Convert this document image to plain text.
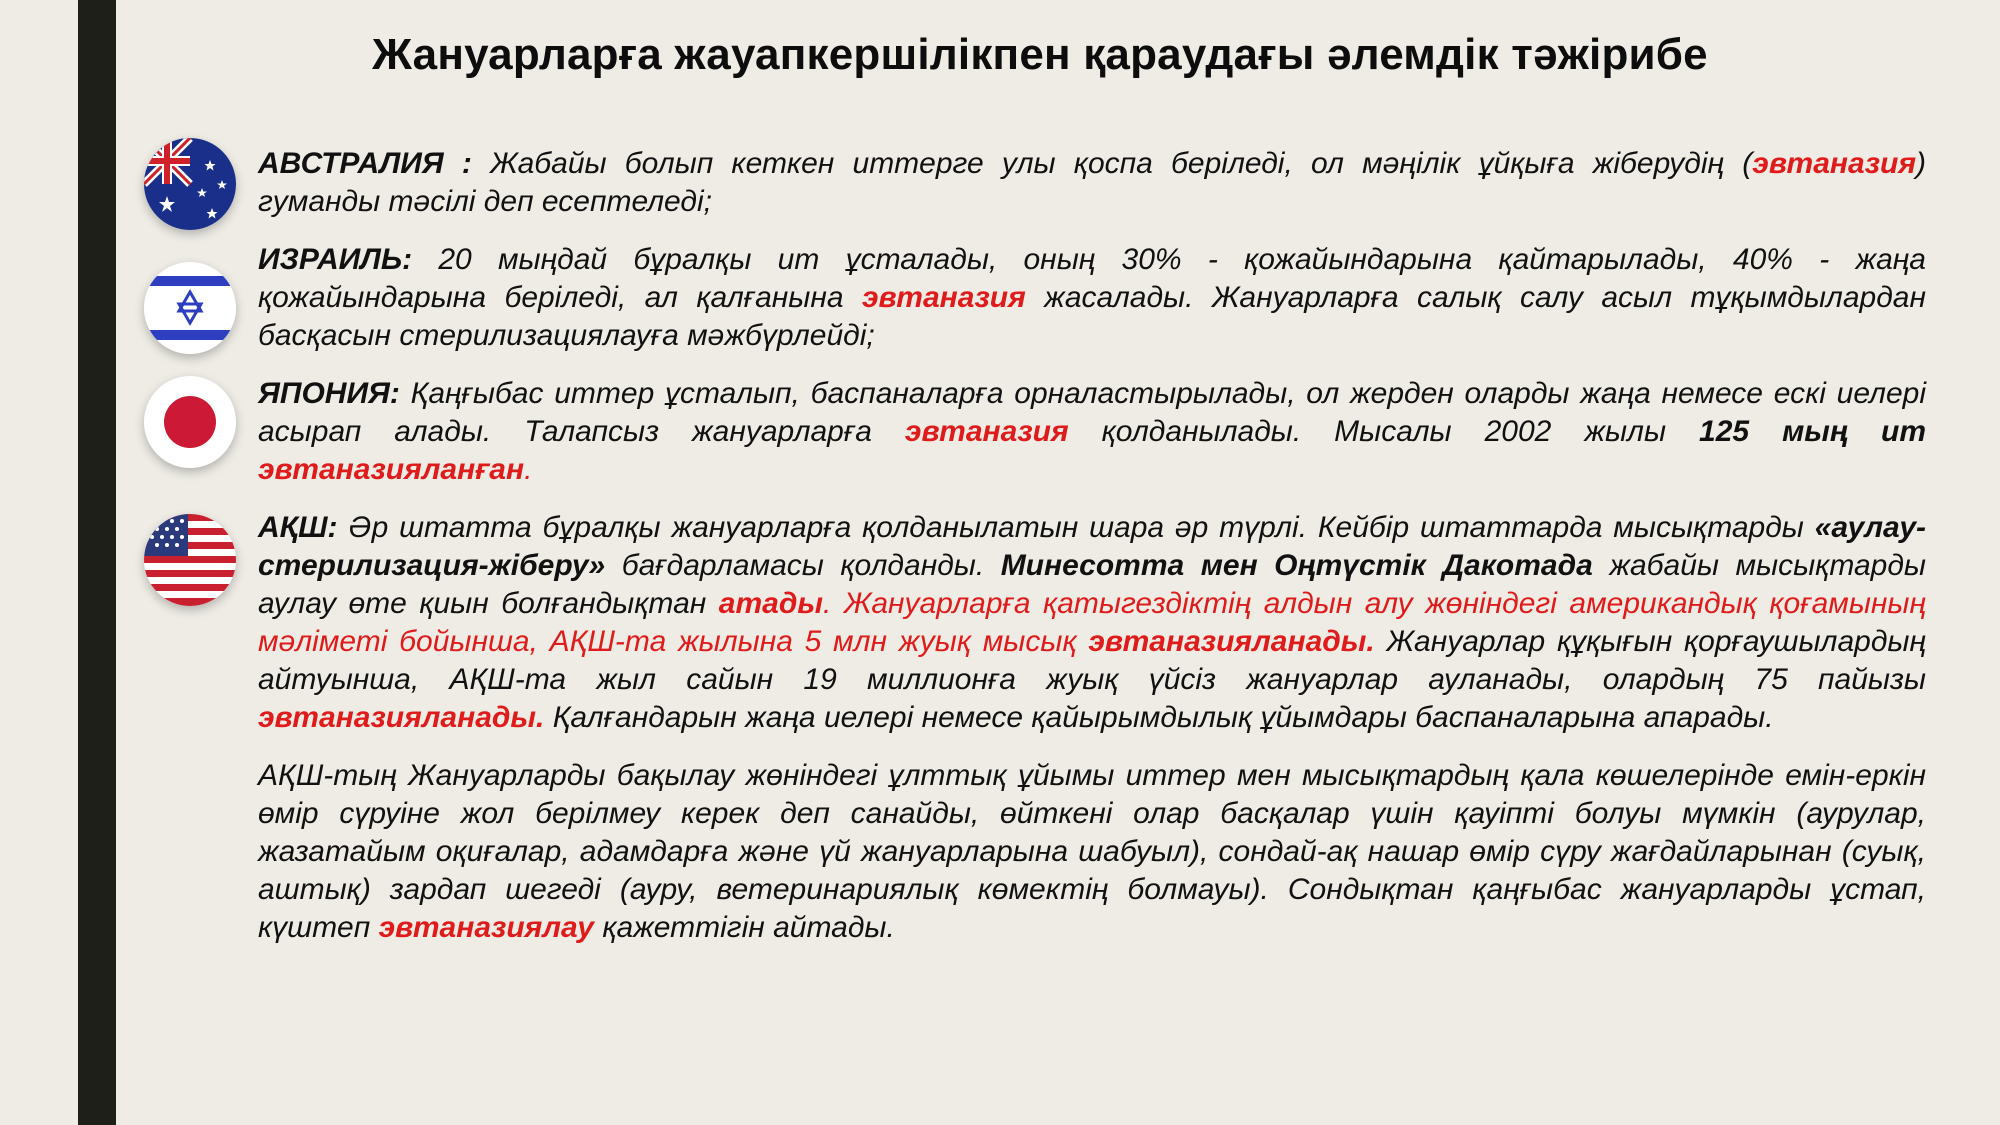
Жануарларға жауапкершілікпен қараудағы әлемдік тәжірибе

АВСТРАЛИЯ : Жабайы болып кеткен иттерге улы қоспа беріледі, ол мәңілік ұйқыға жіберудің (эвтаназия) гуманды тәсілі деп есептеледі;

ИЗРАИЛЬ: 20 мыңдай бұралқы ит ұсталады, оның 30% - қожайындарына қайтарылады, 40% - жаңа қожайындарына беріледі, ал қалғанына эвтаназия жасалады. Жануарларға салық салу асыл тұқымдылардан басқасын стерилизациялауға мәжбүрлейді;

ЯПОНИЯ: Қаңғыбас иттер ұсталып, баспаналарға орналастырылады, ол жерден оларды жаңа немесе ескі иелері асырап алады. Талапсыз жануарларға эвтаназия қолданылады. Мысалы 2002 жылы 125 мың ит эвтаназияланған.

АҚШ: Әр штатта бұралқы жануарларға қолданылатын шара әр түрлі. Кейбір штаттарда мысықтарды «аулау-стерилизация-жіберу» бағдарламасы қолданды. Минесотта мен Оңтүстік Дакотада жабайы мысықтарды аулау өте қиын болғандықтан атады. Жануарларға қатыгездіктің алдын алу жөніндегі американдық қоғамының мәліметі бойынша, АҚШ-та жылына 5 млн жуық мысық эвтаназияланады. Жануарлар құқығын қорғаушылардың айтуынша, АҚШ-та жыл сайын 19 миллионға жуық үйсіз жануарлар ауланады, олардың 75 пайызы эвтаназияланады. Қалғандарын жаңа иелері немесе қайырымдылық ұйымдары баспаналарына апарады.

АҚШ-тың Жануарларды бақылау жөніндегі ұлттық ұйымы иттер мен мысықтардың қала көшелерінде емін-еркін өмір сүруіне жол берілмеу керек деп санайды, өйткені олар басқалар үшін қауіпті болуы мүмкін (аурулар, жазатайым оқиғалар, адамдарға және үй жануарларына шабуыл), сондай-ақ нашар өмір сүру жағдайларынан (суық, аштық) зардап шегеді (ауру, ветеринариялық көмектің болмауы). Сондықтан қаңғыбас жануарларды ұстап, күштеп эвтаназиялау қажеттігін айтады.
